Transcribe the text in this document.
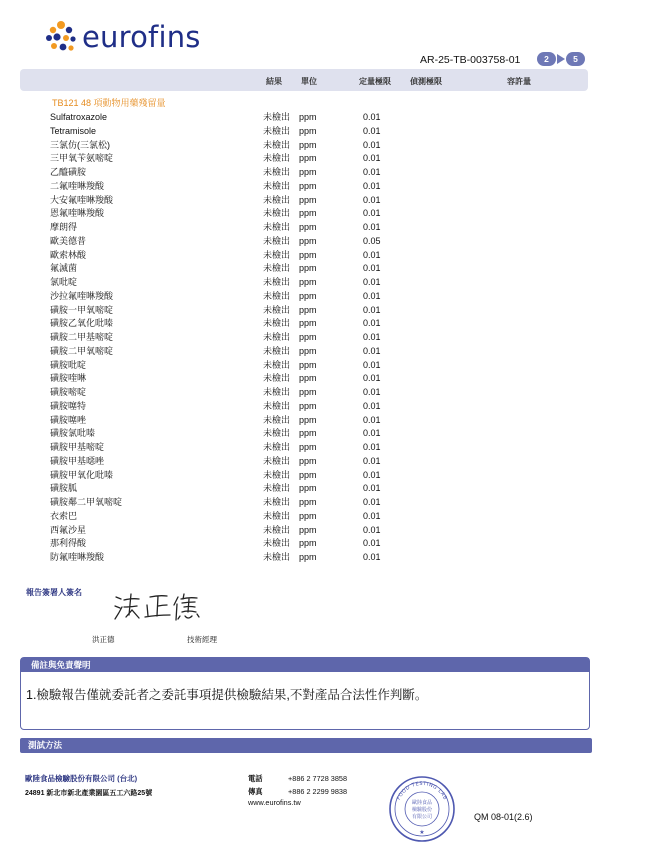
eurofins
AR-25-TB-003758-01	2	5
結果 單位	定量極限 偵測極限	容許量
TB121 48 項動物用藥殘留量
Sulfatroxazole	未檢出 ppm	0.01
Tetramisole	未檢出 ppm	0.01
三氯仿(三氯松)	未檢出 ppm	0.01
三甲氧苄氨嘧啶	未檢出 ppm	0.01
乙醯磺胺	未檢出 ppm	0.01
二氟喹啉羧酸	未檢出 ppm	0.01
大安氟喹啉羧酸	未檢出 ppm	0.01
恩氟喹啉羧酸	未檢出 ppm	0.01
摩朗得	未檢出 ppm	0.01
歐美德普	未檢出 ppm	0.05
歐索林酸	未檢出 ppm	0.01
氟滅菌	未檢出 ppm	0.01
氯吡啶	未檢出 ppm	0.01
沙拉氟喹啉羧酸	未檢出 ppm	0.01
磺胺一甲氧嘧啶	未檢出 ppm	0.01
磺胺乙氧化吡嗪	未檢出 ppm	0.01
磺胺二甲基嘧啶	未檢出 ppm	0.01
磺胺二甲氧嘧啶	未檢出 ppm	0.01
磺胺吡啶	未檢出 ppm	0.01
磺胺喹啉	未檢出 ppm	0.01
磺胺嘧啶	未檢出 ppm	0.01
磺胺噻特	未檢出 ppm	0.01
磺胺噻唑	未檢出 ppm	0.01
磺胺氯吡嗪	未檢出 ppm	0.01
磺胺甲基嘧啶	未檢出 ppm	0.01
磺胺甲基噁唑	未檢出 ppm	0.01
磺胺甲氧化吡嗪	未檢出 ppm	0.01
磺胺胍	未檢出 ppm	0.01
磺胺鄰二甲氧嘧啶	未檢出 ppm	0.01
衣索巴	未檢出 ppm	0.01
西氟沙星	未檢出 ppm	0.01
那利得酸	未檢出 ppm	0.01
防氟喹啉羧酸	未檢出 ppm	0.01
報告簽署人簽名
洪正德	技術經理
備註與免責聲明
1.檢驗報告僅就委託者之委託事項提供檢驗結果,不對產品合法性作判斷。
測試方法
歐陸食品檢驗股份有限公司 (台北)
24891 新北市新北產業園區五工六路25號
電話	+886 2 7728 3858
傳真	+886 2 2299 9838
www.eurofins.tw	FOOD TESTING LAB
歐陸食品
檢驗股份
有限公司
★
QM 08-01(2.6)
